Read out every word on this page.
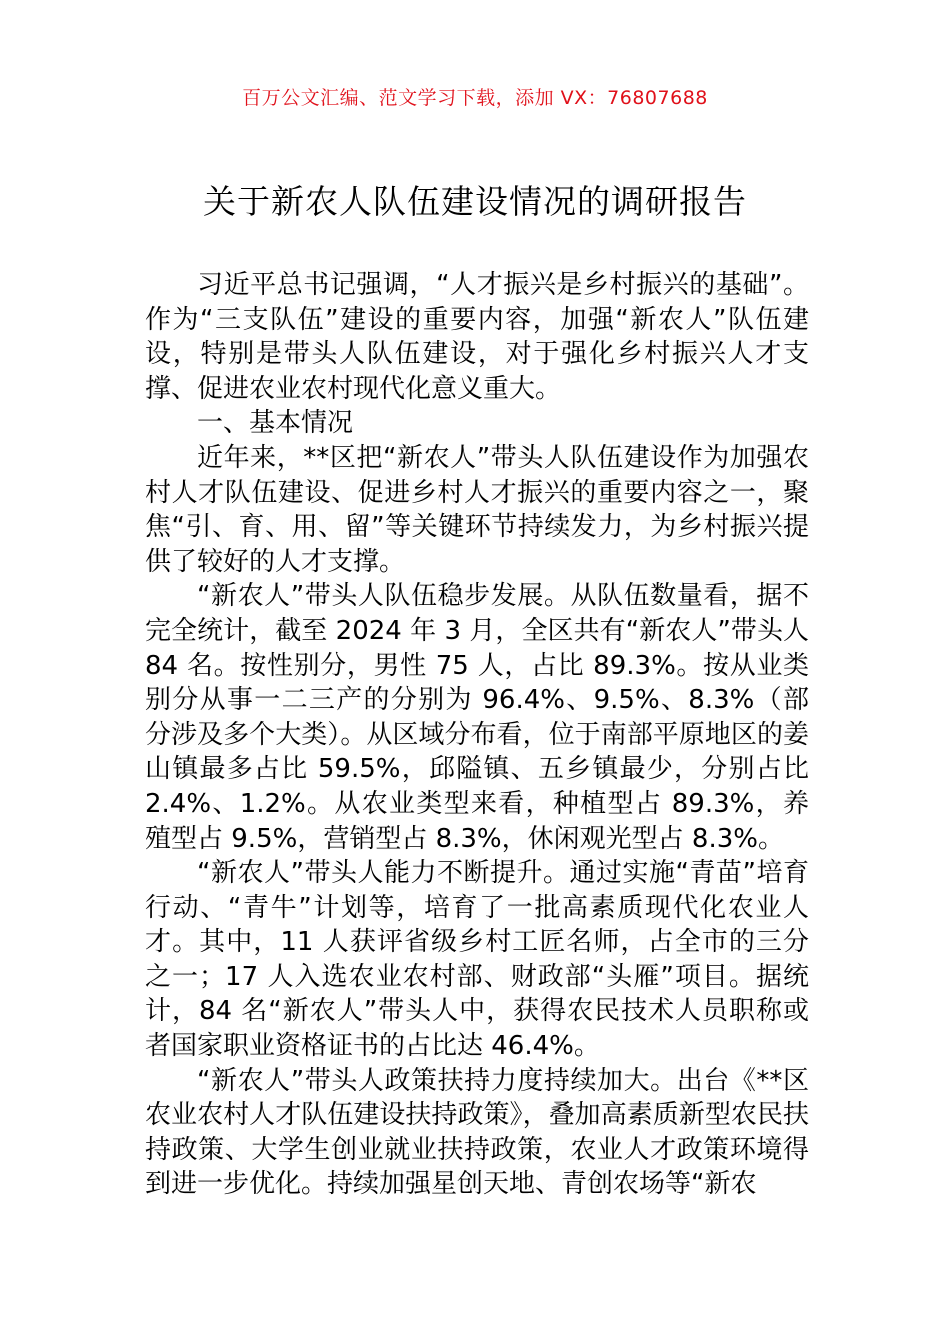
百万公文汇编、范文学习下载，添加 VX：76807688
关于新农人队伍建设情况的调研报告

习近平总书记强调，“人才振兴是乡村振兴的基础”。作为“三支队伍”建设的重要内容，加强“新农人”队伍建设，特别是带头人队伍建设，对于强化乡村振兴人才支撑、促进农业农村现代化意义重大。

一、基本情况

近年来，**区把“新农人”带头人队伍建设作为加强农村人才队伍建设、促进乡村人才振兴的重要内容之一，聚焦“引、育、用、留”等关键环节持续发力，为乡村振兴提供了较好的人才支撑。

“新农人”带头人队伍稳步发展。从队伍数量看，据不完全统计，截至 2024 年 3 月，全区共有“新农人”带头人 84 名。按性别分，男性 75 人，占比 89.3%。按从业类别分从事一二三产的分别为 96.4%、9.5%、8.3%（部分涉及多个大类）。从区域分布看，位于南部平原地区的姜山镇最多占比 59.5%，邱隘镇、五乡镇最少，分别占比 2.4%、1.2%。从农业类型来看，种植型占 89.3%，养殖型占 9.5%，营销型占 8.3%，休闲观光型占 8.3%。

“新农人”带头人能力不断提升。通过实施“青苗”培育行动、“青牛”计划等，培育了一批高素质现代化农业人才。其中，11 人获评省级乡村工匠名师，占全市的三分之一；17 人入选农业农村部、财政部“头雁”项目。据统计，84 名“新农人”带头人中，获得农民技术人员职称或者国家职业资格证书的占比达 46.4%。

“新农人”带头人政策扶持力度持续加大。出台《**区农业农村人才队伍建设扶持政策》，叠加高素质新型农民扶持政策、大学生创业就业扶持政策，农业人才政策环境得到进一步优化。持续加强星创天地、青创农场等“新农
